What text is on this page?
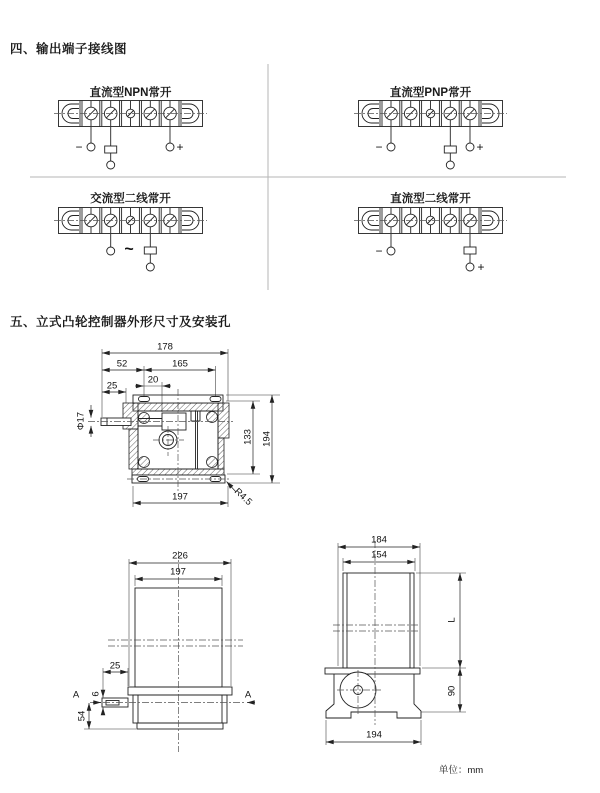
四、输出端子接线图
五、立式凸轮控制器外形尺寸及安装孔
直流型NPN常开	直流型PNP常开
交流型二线常开	直流型二线常开
−	+	−	+
~	−
+
178
52	165
20
25
Φ17
133 194
197	R4.5
226
197
25
6
54
A	A
184
154
L
90
194
单位：mm
